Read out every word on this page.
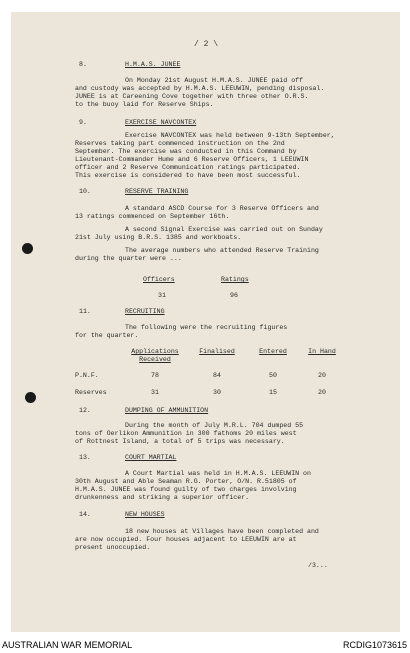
/ 2 \
8.	H.M.A.S. JUNEE
On Monday 21st August H.M.A.S. JUNEE paid off
and custody was accepted by H.M.A.S. LEEUWIN, pending disposal.
JUNEE is at Careening Cove together with three other O.R.S.
to the buoy laid for Reserve Ships.
9.	EXERCISE NAVCONTEX
Exercise NAVCONTEX was held between 9-13th September,
Reserves taking part commenced instruction on the 2nd
September. The exercise was conducted in this Command by
Lieutenant-Commander Hume and 6 Reserve Officers, 1 LEEUWIN
officer and 2 Reserve Communication ratings participated.
This exercise is considered to have been most successful.
10.	RESERVE TRAINING
A standard ASCD Course for 3 Reserve Officers and
13 ratings commenced on September 16th.
A second Signal Exercise was carried out on Sunday
21st July using B.R.S. 1385 and workboats.
The average numbers who attended Reserve Training
during the quarter were ...
Officers	Ratings
31	96
11.	RECRUITING
The following were the recruiting figures
for the quarter.
Applications
Received
Finalised	Entered	In Hand
P.N.F.	78	84	50	20
Reserves	31	30	15	20
12.	DUMPING OF AMMUNITION
During the month of July M.R.L. 704 dumped 55
tons of Oerlikon Ammunition in 300 fathoms 20 miles west
of Rottnest Island, a total of 5 trips was necessary.
13.	COURT MARTIAL
A Court Martial was held in H.M.A.S. LEEUWIN on
30th August and Able Seaman R.G. Porter, O/N. R.51805 of
H.M.A.S. JUNEE was found guilty of two charges involving
drunkenness and striking a superior officer.
14.	NEW HOUSES
18 new houses at Villages have been completed and
are now occupied. Four houses adjacent to LEEUWIN are at
present unoccupied.
/3...
AUSTRALIAN WAR MEMORIAL	RCDIG1073615
